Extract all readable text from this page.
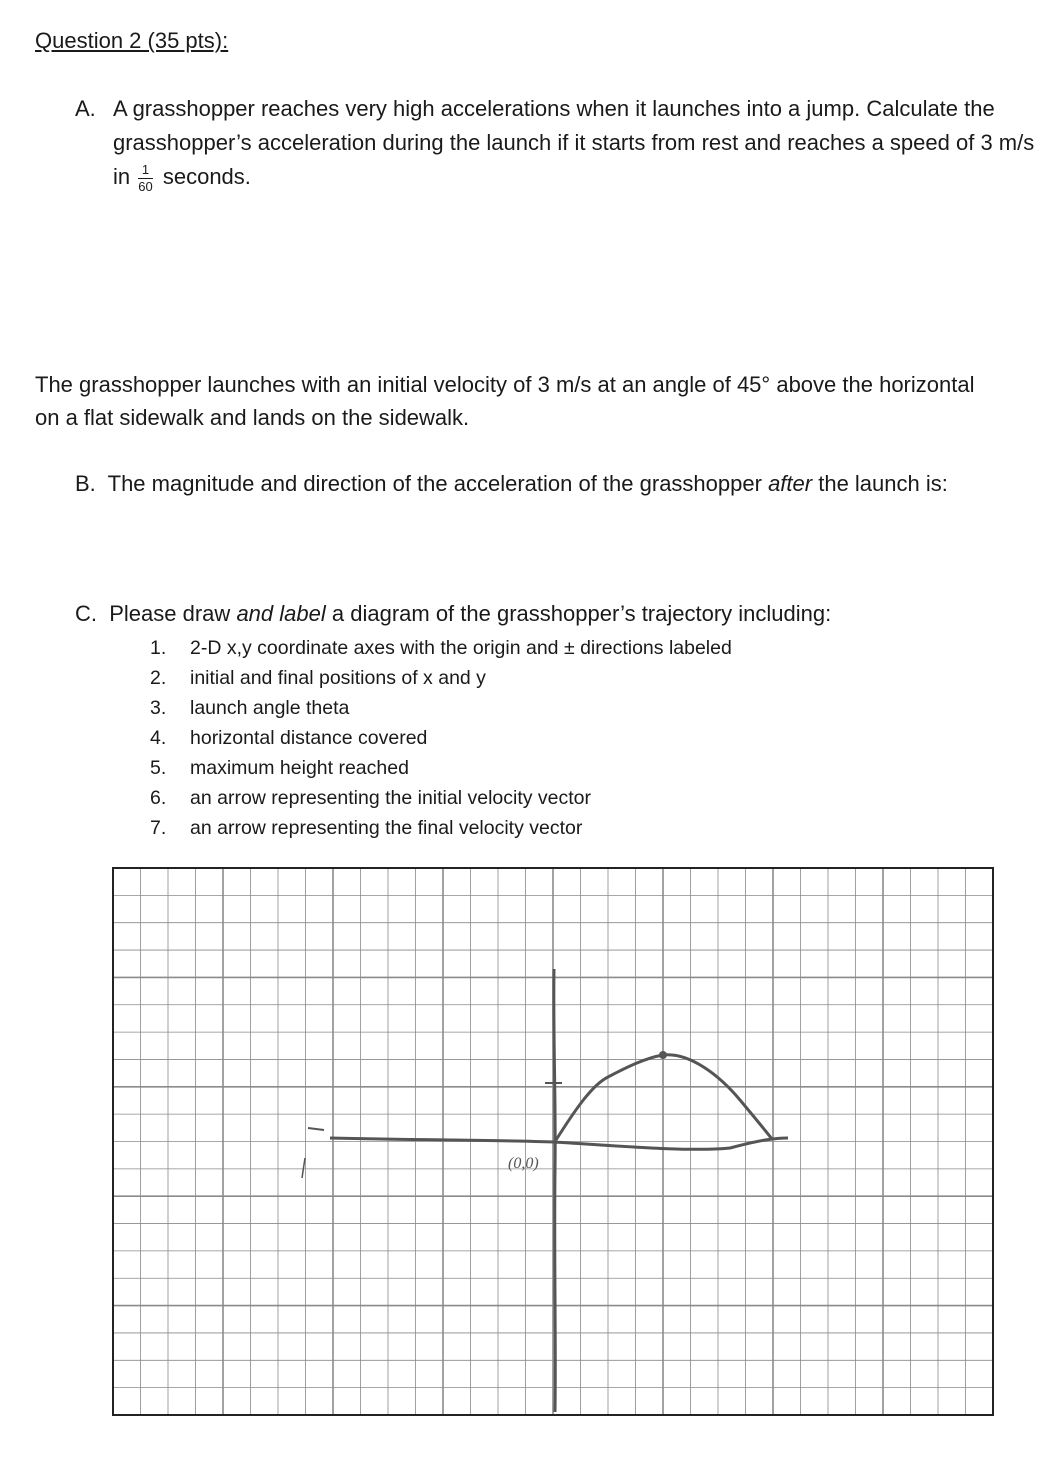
Question 2 (35 pts):
A. A grasshopper reaches very high accelerations when it launches into a jump. Calculate the grasshopper’s acceleration during the launch if it starts from rest and reaches a speed of 3 m/s in $\frac{1}{60}$ seconds.
The grasshopper launches with an initial velocity of 3 m/s at an angle of 45° above the horizontal on a flat sidewalk and lands on the sidewalk.
B. The magnitude and direction of the acceleration of the grasshopper after the launch is:
C. Please draw and label a diagram of the grasshopper’s trajectory including:
1.	2-D x,y coordinate axes with the origin and ± directions labeled
2.	initial and final positions of x and y
3.	launch angle theta
4.	horizontal distance covered
5.	maximum height reached
6.	an arrow representing the initial velocity vector
7.	an arrow representing the final velocity vector
(0,0)
